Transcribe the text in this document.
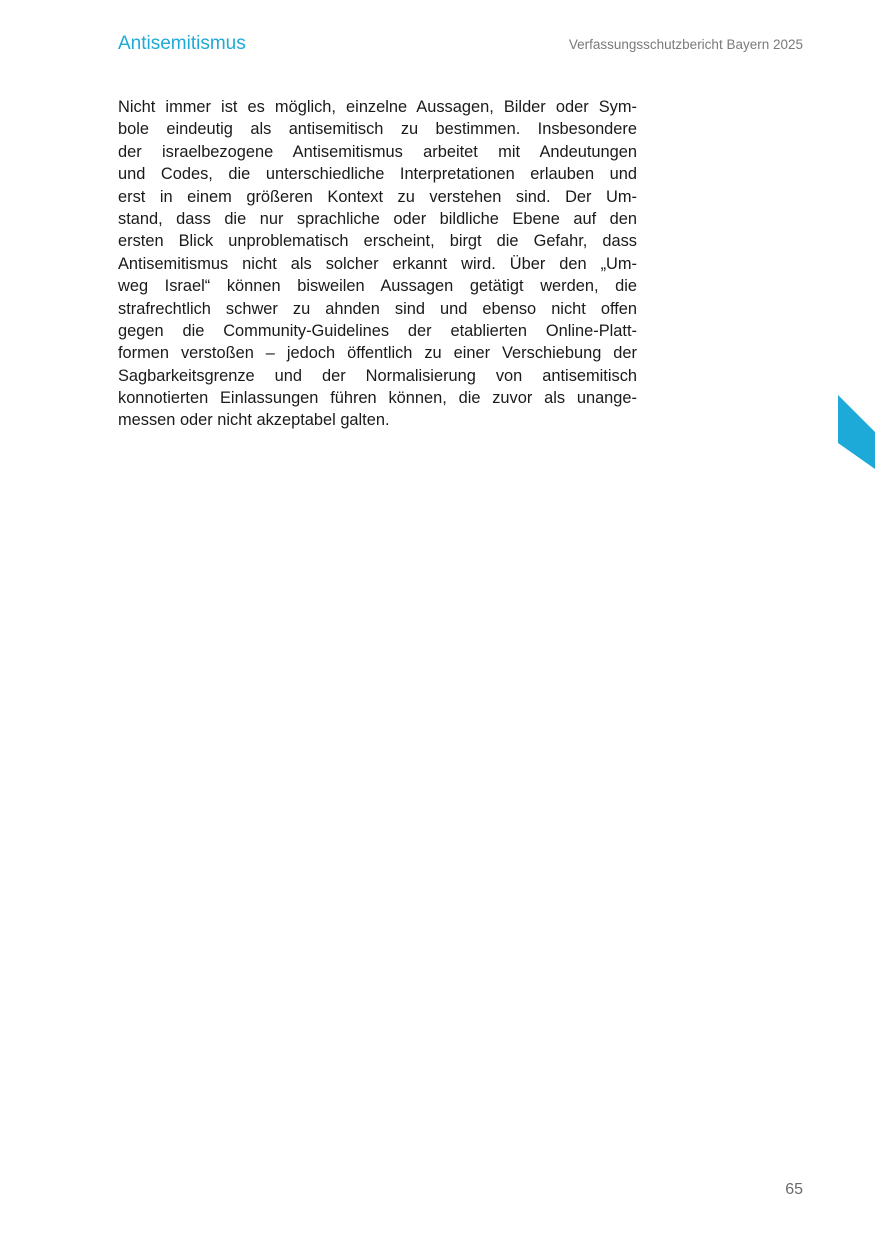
Antisemitismus	Verfassungsschutzbericht Bayern 2025
Nicht immer ist es möglich, einzelne Aussagen, Bilder oder Sym-
bole eindeutig als antisemitisch zu bestimmen. Insbesondere
der israelbezogene Antisemitismus arbeitet mit Andeutungen
und Codes, die unterschiedliche Interpretationen erlauben und
erst in einem größeren Kontext zu verstehen sind. Der Um-
stand, dass die nur sprachliche oder bildliche Ebene auf den
ersten Blick unproblematisch erscheint, birgt die Gefahr, dass
Antisemitismus nicht als solcher erkannt wird. Über den „Um-
weg Israel“ können bisweilen Aussagen getätigt werden, die
strafrechtlich schwer zu ahnden sind und ebenso nicht offen
gegen die Community-Guidelines der etablierten Online-Platt-
formen verstoßen – jedoch öffentlich zu einer Verschiebung der
Sagbarkeitsgrenze und der Normalisierung von antisemitisch
konnotierten Einlassungen führen können, die zuvor als unange-
messen oder nicht akzeptabel galten.
65
